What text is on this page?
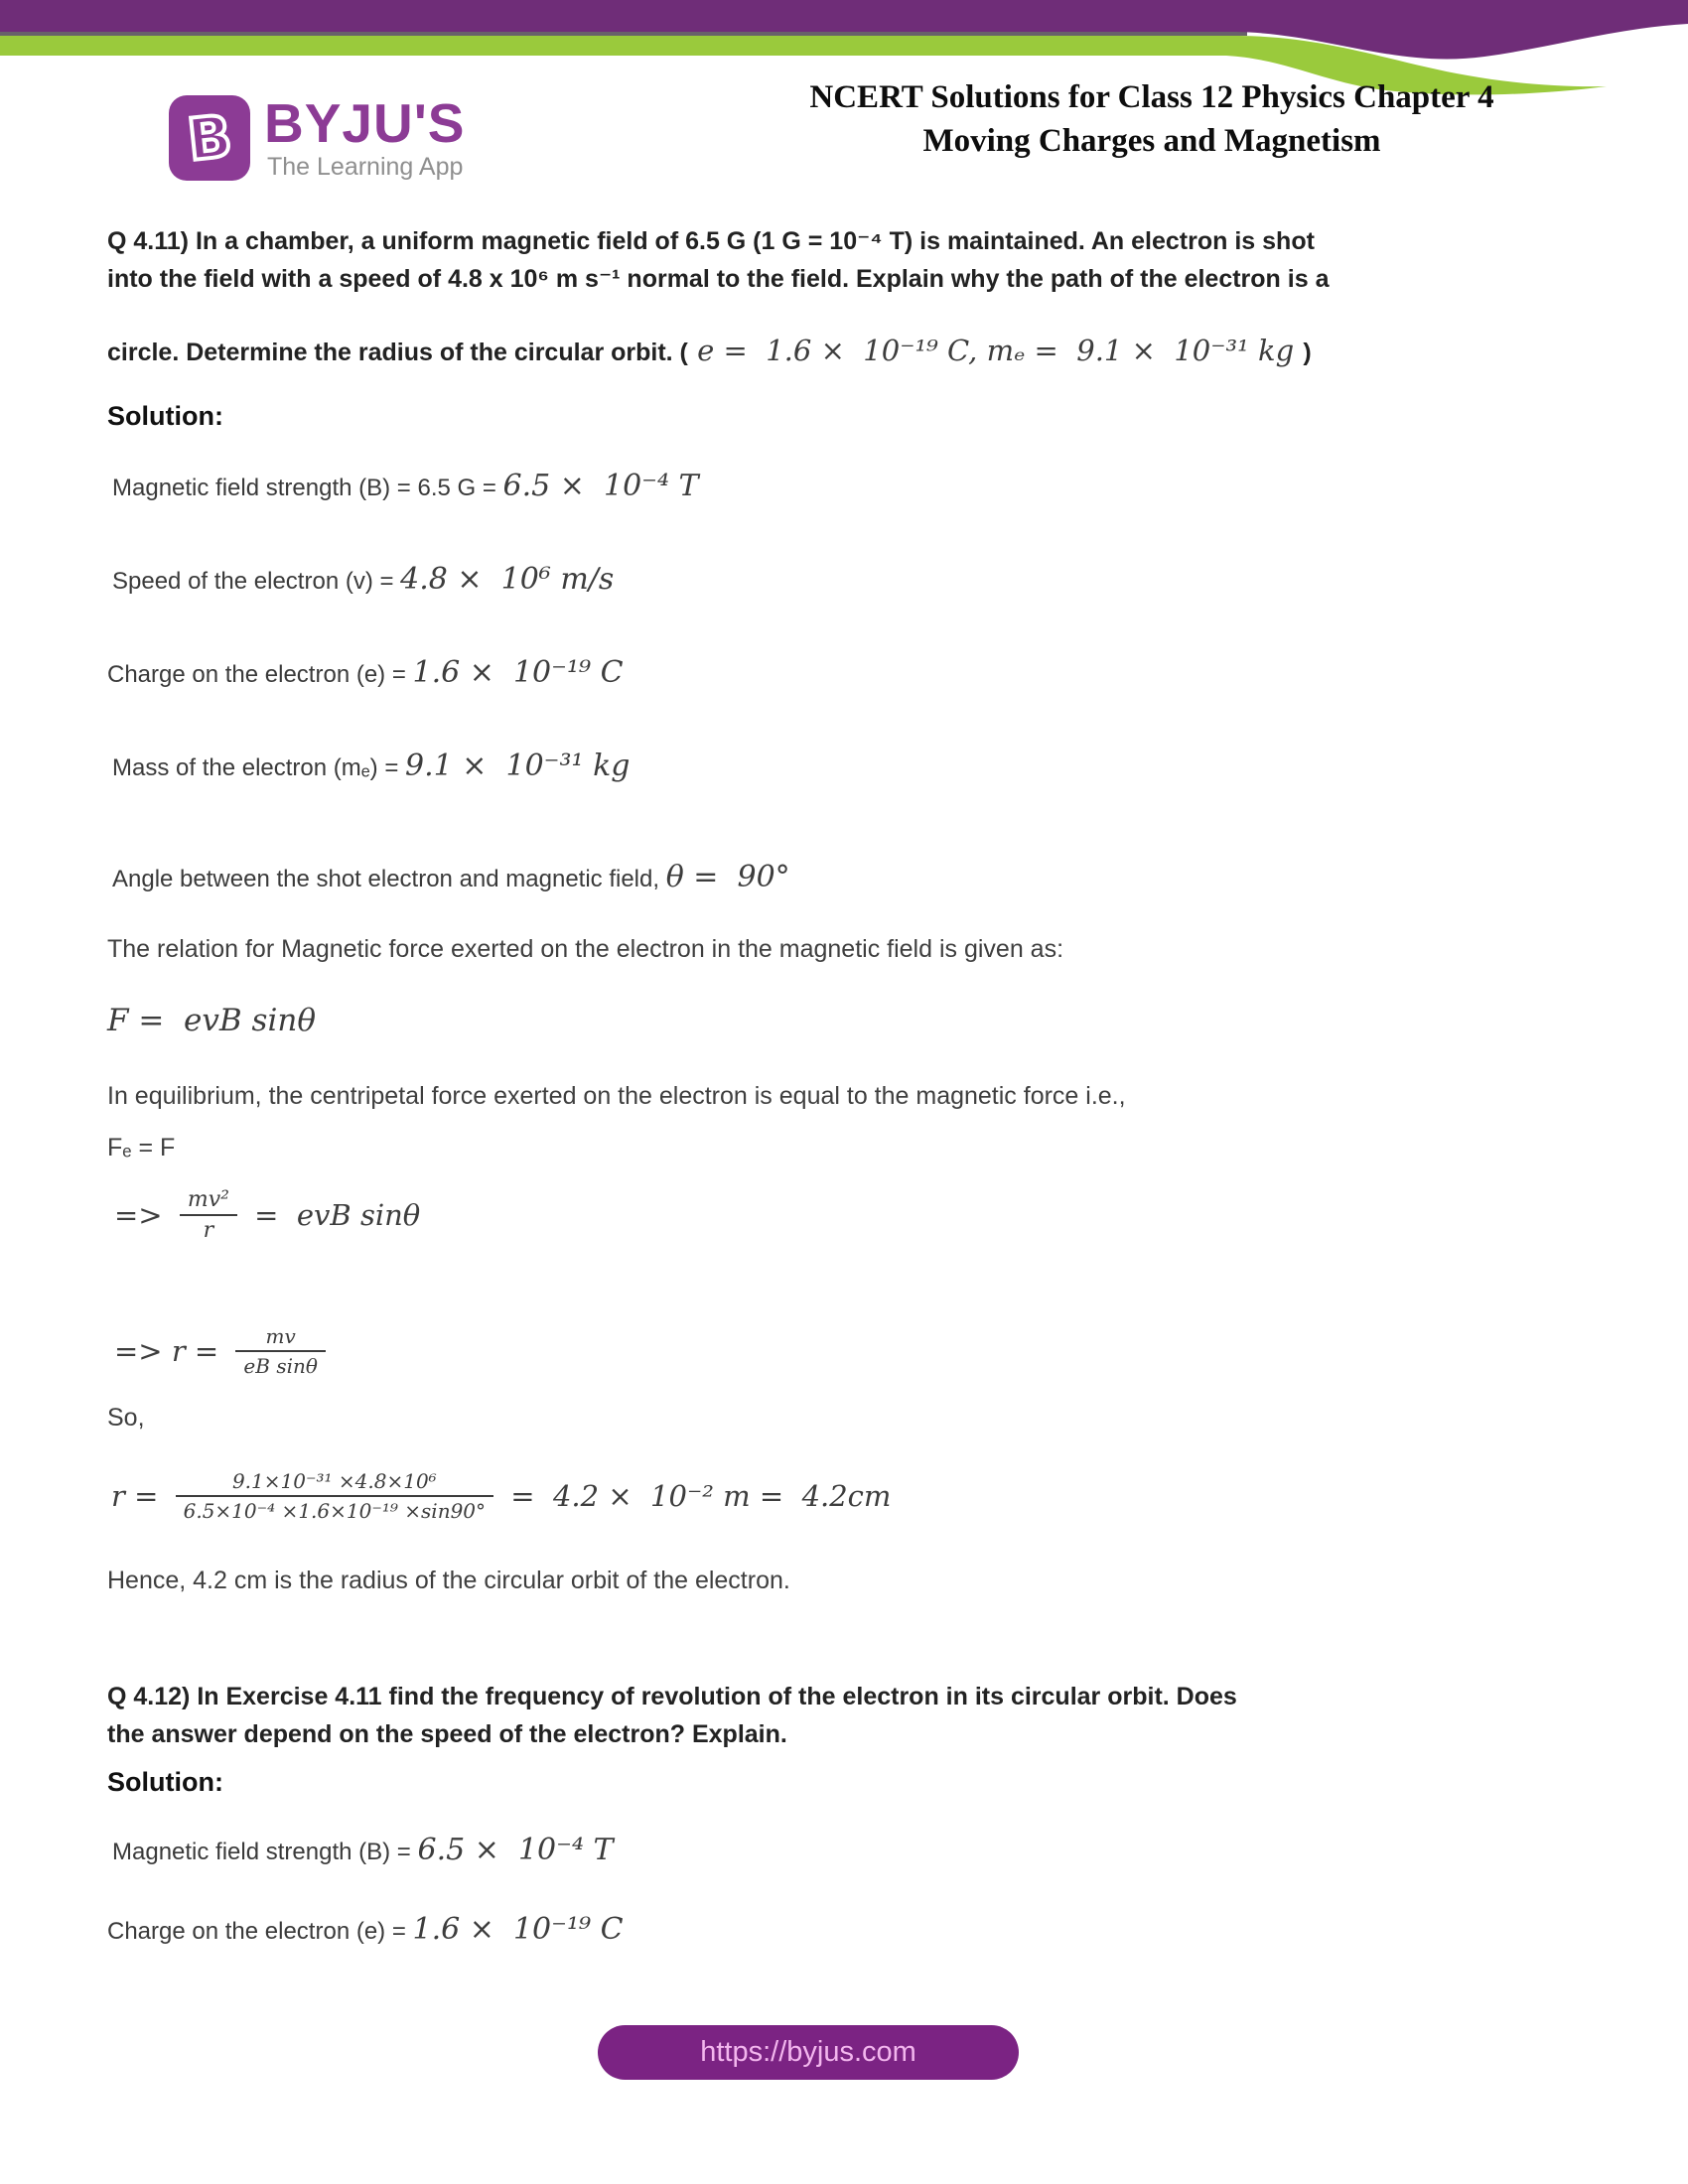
B BYJU'S
The Learning App
NCERT Solutions for Class 12 Physics Chapter 4
Moving Charges and Magnetism
Q 4.11) In a chamber, a uniform magnetic field of 6.5 G (1 G = 10⁻⁴ T) is maintained. An electron is shot
into the field with a speed of 4.8 x 10⁶ m s⁻¹ normal to the field. Explain why the path of the electron is a
circle. Determine the radius of the circular orbit. ( e =  1.6 ×  10⁻¹⁹ C, mₑ =  9.1 ×  10⁻³¹ kg )
Solution:
Magnetic field strength (B) = 6.5 G = 6.5 ×  10⁻⁴ T
Speed of the electron (v) = 4.8 ×  10⁶ m/s
Charge on the electron (e) = 1.6 ×  10⁻¹⁹ C
Mass of the electron (mₑ) = 9.1 ×  10⁻³¹ kg
Angle between the shot electron and magnetic field, θ =  90°
The relation for Magnetic force exerted on the electron in the magnetic field is given as:
F =  evB sinθ
In equilibrium, the centripetal force exerted on the electron is equal to the magnetic force i.e.,
Fₑ = F
=> $\frac{\text{mv²}}{r}$ =  evB sinθ
=> $r = \frac{mv}{\text{eB sinθ}}$
So,
$r = \frac{\text{9.1×10⁻³¹ ×4.8×10⁶}}{\text{6.5×10⁻⁴ ×1.6×10⁻¹⁹ ×sin90°}} = 4.2 \times 10^{-2}$ m =  4.2cm
Hence, 4.2 cm is the radius of the circular orbit of the electron.
Q 4.12) In Exercise 4.11 find the frequency of revolution of the electron in its circular orbit. Does
the answer depend on the speed of the electron? Explain.
Solution:
Magnetic field strength (B) = 6.5 ×  10⁻⁴ T
Charge on the electron (e) = 1.6 ×  10⁻¹⁹ C
https://byjus.com
